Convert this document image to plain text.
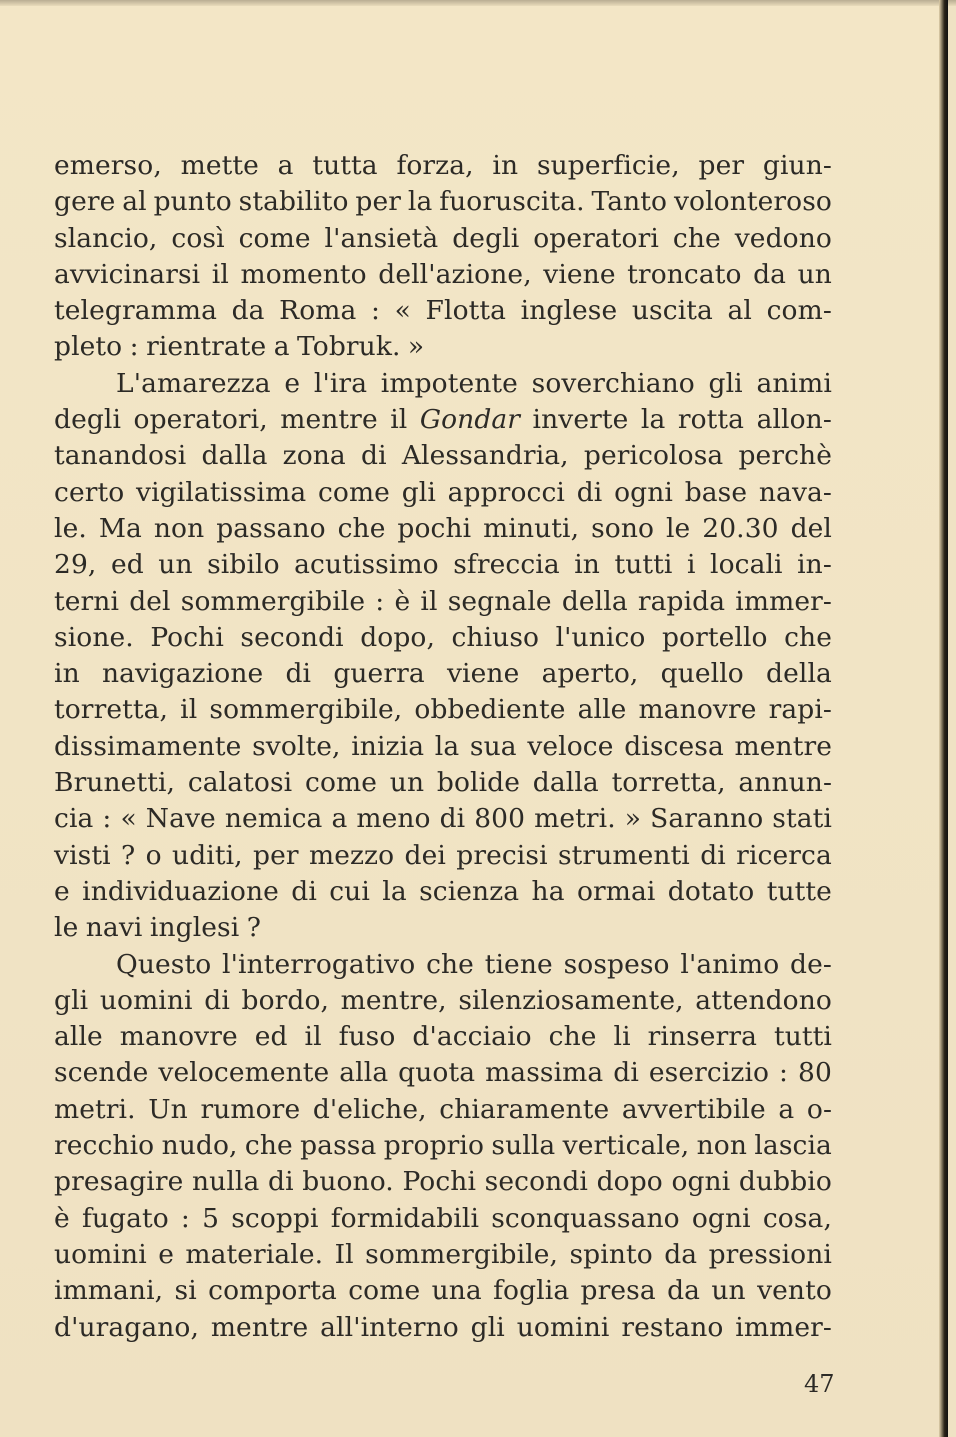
emerso, mette a tutta forza, in superficie, per giun-
gere al punto stabilito per la fuoruscita. Tanto volonteroso
slancio, così come l'ansietà degli operatori che vedono
avvicinarsi il momento dell'azione, viene troncato da un
telegramma da Roma : « Flotta inglese uscita al com-
pleto : rientrate a Tobruk. »
L'amarezza e l'ira impotente soverchiano gli animi
degli operatori, mentre il Gondar inverte la rotta allon-
tanandosi dalla zona di Alessandria, pericolosa perchè
certo vigilatissima come gli approcci di ogni base nava-
le. Ma non passano che pochi minuti, sono le 20.30 del
29, ed un sibilo acutissimo sfreccia in tutti i locali in-
terni del sommergibile : è il segnale della rapida immer-
sione. Pochi secondi dopo, chiuso l'unico portello che
in navigazione di guerra viene aperto, quello della
torretta, il sommergibile, obbediente alle manovre rapi-
dissimamente svolte, inizia la sua veloce discesa mentre
Brunetti, calatosi come un bolide dalla torretta, annun-
cia : « Nave nemica a meno di 800 metri. » Saranno stati
visti ? o uditi, per mezzo dei precisi strumenti di ricerca
e individuazione di cui la scienza ha ormai dotato tutte
le navi inglesi ?
Questo l'interrogativo che tiene sospeso l'animo de-
gli uomini di bordo, mentre, silenziosamente, attendono
alle manovre ed il fuso d'acciaio che li rinserra tutti
scende velocemente alla quota massima di esercizio : 80
metri. Un rumore d'eliche, chiaramente avvertibile a o-
recchio nudo, che passa proprio sulla verticale, non lascia
presagire nulla di buono. Pochi secondi dopo ogni dubbio
è fugato : 5 scoppi formidabili sconquassano ogni cosa,
uomini e materiale. Il sommergibile, spinto da pressioni
immani, si comporta come una foglia presa da un vento
d'uragano, mentre all'interno gli uomini restano immer-
47
